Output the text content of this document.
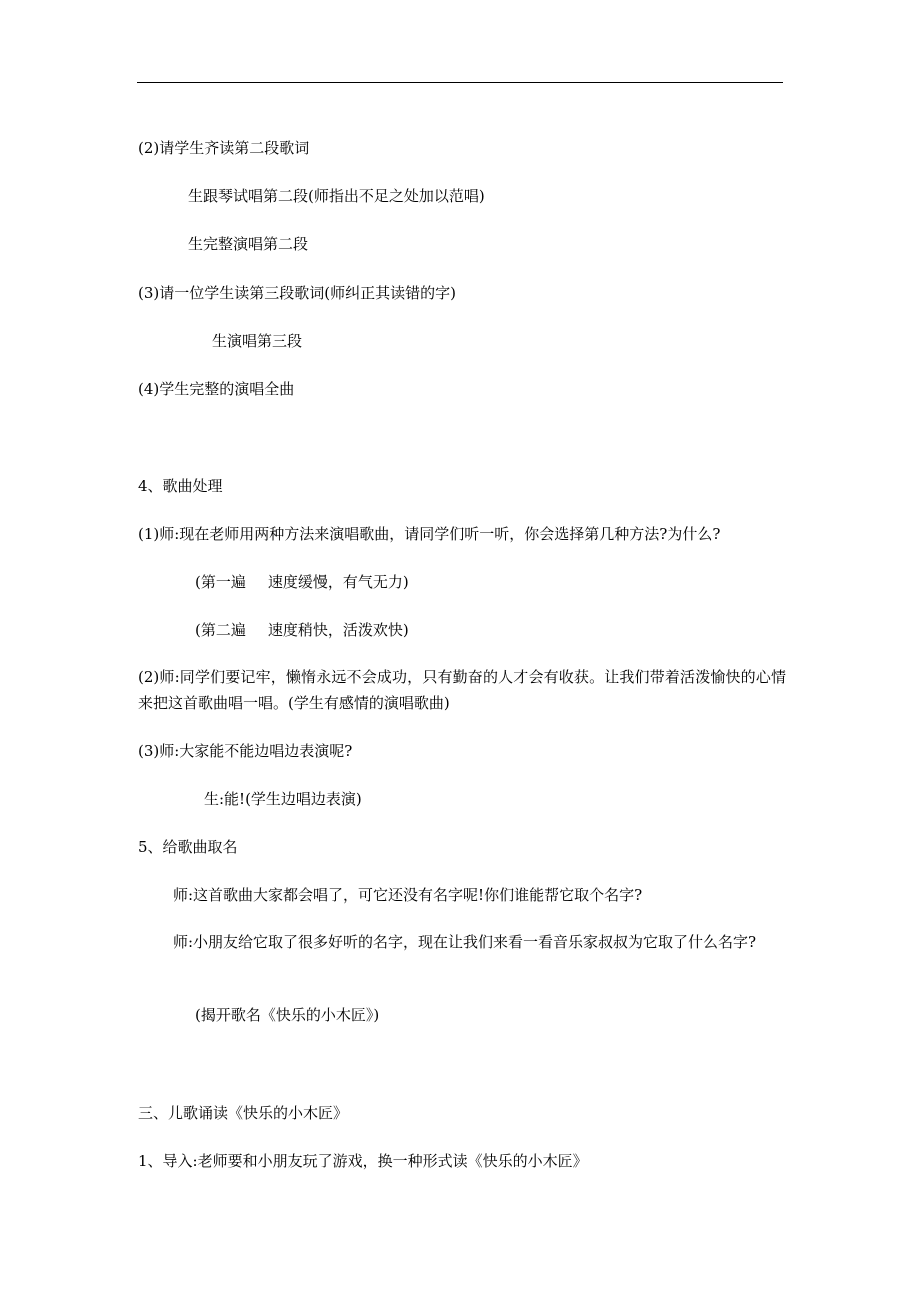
(2)请学生齐读第二段歌词
生跟琴试唱第二段(师指出不足之处加以范唱)
生完整演唱第二段
(3)请一位学生读第三段歌词(师纠正其读错的字)
生演唱第三段
(4)学生完整的演唱全曲
4、歌曲处理
(1)师:现在老师用两种方法来演唱歌曲，请同学们听一听，你会选择第几种方法?为什么?
(第一遍 速度缓慢，有气无力)
(第二遍 速度稍快，活泼欢快)
(2)师:同学们要记牢，懒惰永远不会成功，只有勤奋的人才会有收获。让我们带着活泼愉快的心情来把这首歌曲唱一唱。(学生有感情的演唱歌曲)
(3)师:大家能不能边唱边表演呢?
生:能!(学生边唱边表演)
5、给歌曲取名
师:这首歌曲大家都会唱了，可它还没有名字呢!你们谁能帮它取个名字?
师:小朋友给它取了很多好听的名字，现在让我们来看一看音乐家叔叔为它取了什么名字?
(揭开歌名《快乐的小木匠》)
三、儿歌诵读《快乐的小木匠》
1、导入:老师要和小朋友玩了游戏，换一种形式读《快乐的小木匠》
